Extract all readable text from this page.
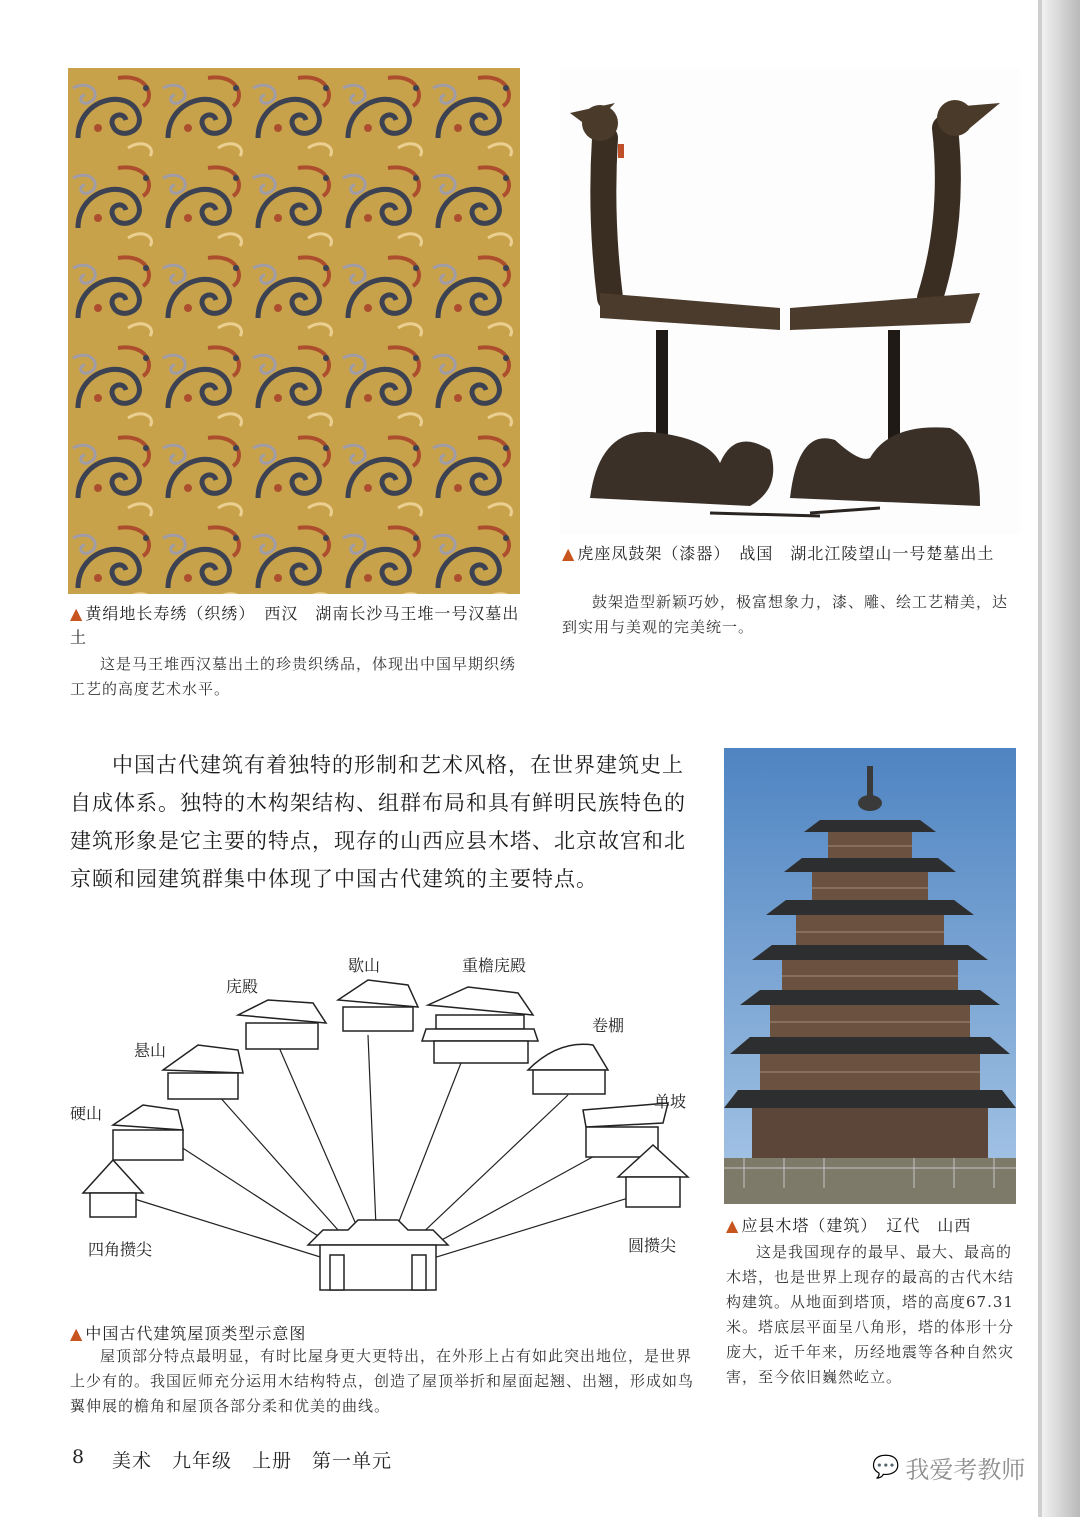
▲ 黄绢地长寿绣（织绣）　西汉　湖南长沙马王堆一号汉墓出土
这是马王堆西汉墓出土的珍贵织绣品，体现出中国早期织绣工艺的高度艺术水平。
▲ 虎座凤鼓架（漆器）　战国　湖北江陵望山一号楚墓出土
鼓架造型新颖巧妙，极富想象力，漆、雕、绘工艺精美，达到实用与美观的完美统一。
中国古代建筑有着独特的形制和艺术风格，在世界建筑史上自成体系。独特的木构架结构、组群布局和具有鲜明民族特色的建筑形象是它主要的特点，现存的山西应县木塔、北京故宫和北京颐和园建筑群集中体现了中国古代建筑的主要特点。
▲ 应县木塔（建筑）　辽代　山西
这是我国现存的最早、最大、最高的木塔，也是世界上现存的最高的古代木结构建筑。从地面到塔顶，塔的高度67.31米。塔底层平面呈八角形，塔的体形十分庞大，近千年来，历经地震等各种自然灾害，至今依旧巍然屹立。
四角攒尖
硬山
悬山
庑殿
歇山	重檐庑殿
卷棚
单坡
圆攒尖
▲ 中国古代建筑屋顶类型示意图
屋顶部分特点最明显，有时比屋身更大更特出，在外形上占有如此突出地位，是世界上少有的。我国匠师充分运用木结构特点，创造了屋顶举折和屋面起翘、出翘，形成如鸟翼伸展的檐角和屋顶各部分柔和优美的曲线。
8 美术　九年级　上册　第一单元	💬 我爱考教师
